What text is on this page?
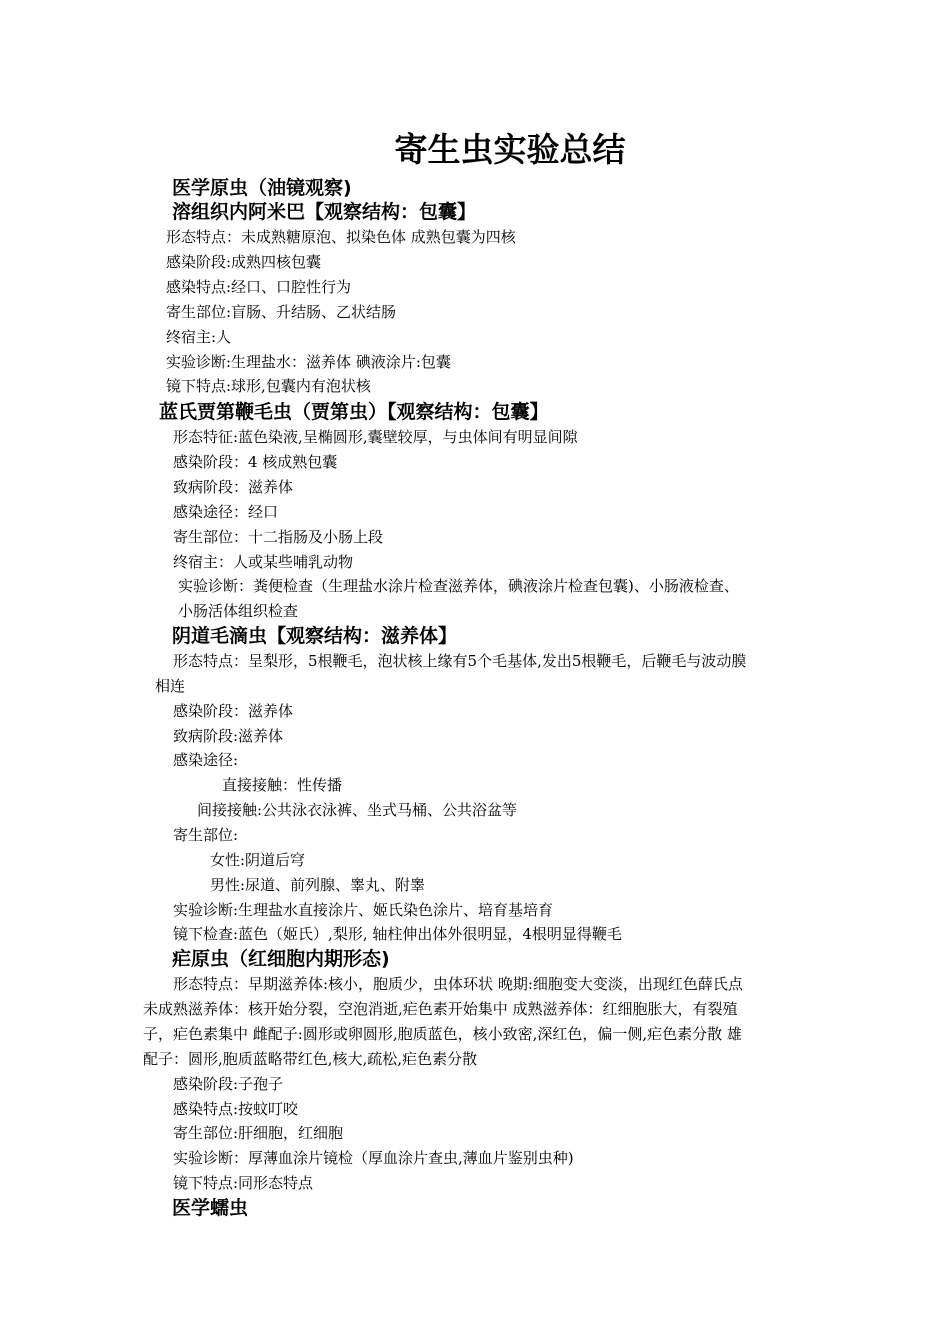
寄生虫实验总结
医学原虫（油镜观察)
溶组织内阿米巴【观察结构：包囊】
形态特点：未成熟糖原泡、拟染色体 成熟包囊为四核
感染阶段:成熟四核包囊
感染特点:经口、口腔性行为
寄生部位:盲肠、升结肠、乙状结肠
终宿主:人
实验诊断:生理盐水：滋养体 碘液涂片:包囊
镜下特点:球形,包囊内有泡状核
蓝氏贾第鞭毛虫（贾第虫）【观察结构：包囊】
形态特征:蓝色染液,呈椭圆形,囊壁较厚，与虫体间有明显间隙
感染阶段：4 核成熟包囊
致病阶段：滋养体
感染途径：经口
寄生部位：十二指肠及小肠上段
终宿主：人或某些哺乳动物
实验诊断：粪便检查（生理盐水涂片检查滋养体，碘液涂片检查包囊)、小肠液检查、
小肠活体组织检查
阴道毛滴虫【观察结构：滋养体】
形态特点：呈梨形，5根鞭毛，泡状核上缘有5个毛基体,发出5根鞭毛，后鞭毛与波动膜
相连
感染阶段：滋养体
致病阶段:滋养体
感染途径:
直接接触：性传播
间接接触:公共泳衣泳裤、坐式马桶、公共浴盆等
寄生部位:
女性:阴道后穹
男性:尿道、前列腺、睾丸、附睾
实验诊断:生理盐水直接涂片、姬氏染色涂片、培育基培育
镜下检查:蓝色（姬氏）,梨形, 轴柱伸出体外很明显，4根明显得鞭毛
疟原虫（红细胞内期形态)
形态特点：早期滋养体:核小，胞质少，虫体环状 晚期:细胞变大变淡，出现红色薛氏点
未成熟滋养体：核开始分裂，空泡消逝,疟色素开始集中 成熟滋养体：红细胞胀大，有裂殖
子，疟色素集中 雌配子:圆形或卵圆形,胞质蓝色，核小致密,深红色，偏一侧,疟色素分散 雄
配子：圆形,胞质蓝略带红色,核大,疏松,疟色素分散
感染阶段:子孢子
感染特点:按蚊叮咬
寄生部位:肝细胞，红细胞
实验诊断：厚薄血涂片镜检（厚血涂片查虫,薄血片鉴别虫种)
镜下特点:同形态特点
医学蠕虫
